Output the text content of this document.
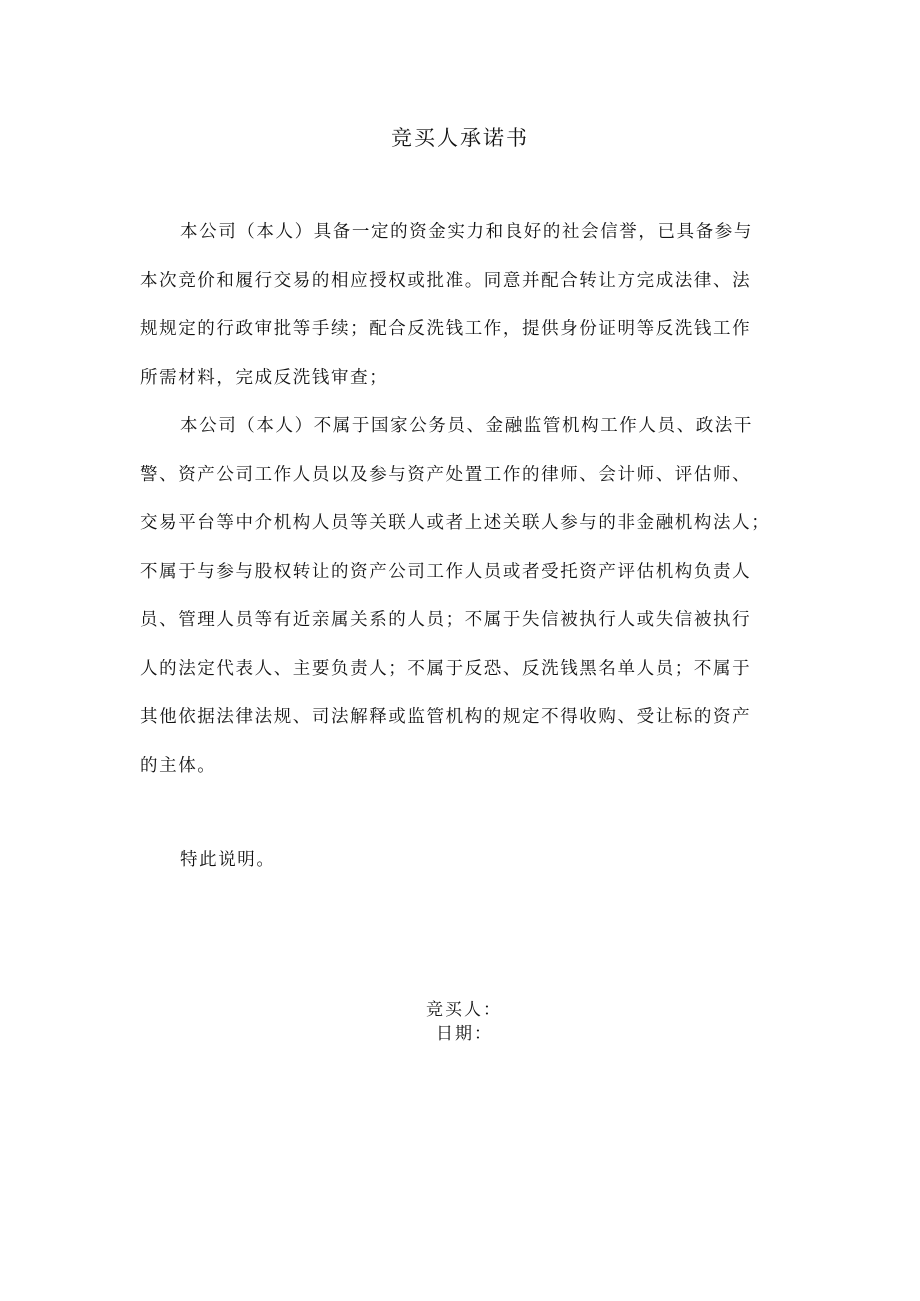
竞买人承诺书

本公司（本人）具备一定的资金实力和良好的社会信誉，已具备参与
本次竞价和履行交易的相应授权或批准。同意并配合转让方完成法律、法
规规定的行政审批等手续；配合反洗钱工作，提供身份证明等反洗钱工作
所需材料，完成反洗钱审查；

本公司（本人）不属于国家公务员、金融监管机构工作人员、政法干
警、资产公司工作人员以及参与资产处置工作的律师、会计师、评估师、
交易平台等中介机构人员等关联人或者上述关联人参与的非金融机构法人；
不属于与参与股权转让的资产公司工作人员或者受托资产评估机构负责人
员、管理人员等有近亲属关系的人员；不属于失信被执行人或失信被执行
人的法定代表人、主要负责人；不属于反恐、反洗钱黑名单人员；不属于
其他依据法律法规、司法解释或监管机构的规定不得收购、受让标的资产
的主体。

特此说明。

竞买人：
日期：
